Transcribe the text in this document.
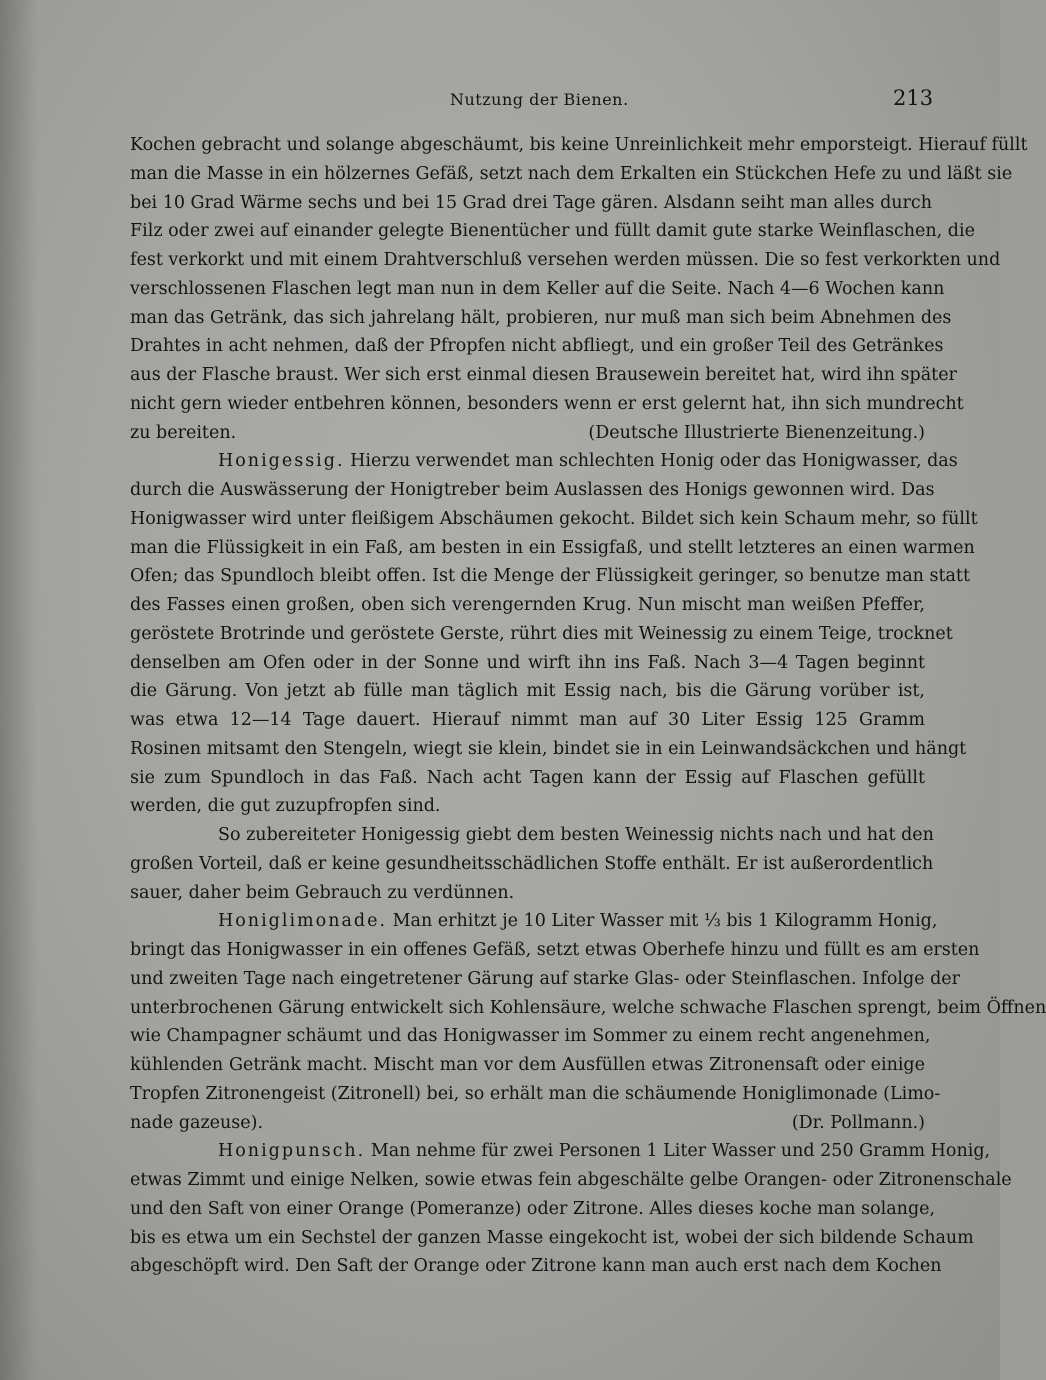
Nutzung der Bienen.	213
Kochen gebracht und solange abgeschäumt, bis keine Unreinlichkeit mehr emporsteigt. Hierauf füllt
man die Masse in ein hölzernes Gefäß, setzt nach dem Erkalten ein Stückchen Hefe zu und läßt sie
bei 10 Grad Wärme sechs und bei 15 Grad drei Tage gären. Alsdann seiht man alles durch
Filz oder zwei auf einander gelegte Bienentücher und füllt damit gute starke Weinflaschen, die
fest verkorkt und mit einem Drahtverschluß versehen werden müssen. Die so fest verkorkten und
verschlossenen Flaschen legt man nun in dem Keller auf die Seite. Nach 4—6 Wochen kann
man das Getränk, das sich jahrelang hält, probieren, nur muß man sich beim Abnehmen des
Drahtes in acht nehmen, daß der Pfropfen nicht abfliegt, und ein großer Teil des Getränkes
aus der Flasche braust. Wer sich erst einmal diesen Brausewein bereitet hat, wird ihn später
nicht gern wieder entbehren können, besonders wenn er erst gelernt hat, ihn sich mundrecht
zu bereiten.	(Deutsche Illustrierte Bienenzeitung.)
Honigessig. Hierzu verwendet man schlechten Honig oder das Honigwasser, das
durch die Auswässerung der Honigtreber beim Auslassen des Honigs gewonnen wird. Das
Honigwasser wird unter fleißigem Abschäumen gekocht. Bildet sich kein Schaum mehr, so füllt
man die Flüssigkeit in ein Faß, am besten in ein Essigfaß, und stellt letzteres an einen warmen
Ofen; das Spundloch bleibt offen. Ist die Menge der Flüssigkeit geringer, so benutze man statt
des Fasses einen großen, oben sich verengernden Krug. Nun mischt man weißen Pfeffer,
geröstete Brotrinde und geröstete Gerste, rührt dies mit Weinessig zu einem Teige, trocknet
denselben am Ofen oder in der Sonne und wirft ihn ins Faß. Nach 3—4 Tagen beginnt
die Gärung. Von jetzt ab fülle man täglich mit Essig nach, bis die Gärung vorüber ist,
was etwa 12—14 Tage dauert. Hierauf nimmt man auf 30 Liter Essig 125 Gramm
Rosinen mitsamt den Stengeln, wiegt sie klein, bindet sie in ein Leinwandsäckchen und hängt
sie zum Spundloch in das Faß. Nach acht Tagen kann der Essig auf Flaschen gefüllt
werden, die gut zuzupfropfen sind.
So zubereiteter Honigessig giebt dem besten Weinessig nichts nach und hat den
großen Vorteil, daß er keine gesundheitsschädlichen Stoffe enthält. Er ist außerordentlich
sauer, daher beim Gebrauch zu verdünnen.
Honiglimonade. Man erhitzt je 10 Liter Wasser mit ⅓ bis 1 Kilogramm Honig,
bringt das Honigwasser in ein offenes Gefäß, setzt etwas Oberhefe hinzu und füllt es am ersten
und zweiten Tage nach eingetretener Gärung auf starke Glas- oder Steinflaschen. Infolge der
unterbrochenen Gärung entwickelt sich Kohlensäure, welche schwache Flaschen sprengt, beim Öffnen
wie Champagner schäumt und das Honigwasser im Sommer zu einem recht angenehmen,
kühlenden Getränk macht. Mischt man vor dem Ausfüllen etwas Zitronensaft oder einige
Tropfen Zitronengeist (Zitronell) bei, so erhält man die schäumende Honiglimonade (Limo-
nade gazeuse).	(Dr. Pollmann.)
Honigpunsch. Man nehme für zwei Personen 1 Liter Wasser und 250 Gramm Honig,
etwas Zimmt und einige Nelken, sowie etwas fein abgeschälte gelbe Orangen- oder Zitronenschale
und den Saft von einer Orange (Pomeranze) oder Zitrone. Alles dieses koche man solange,
bis es etwa um ein Sechstel der ganzen Masse eingekocht ist, wobei der sich bildende Schaum
abgeschöpft wird. Den Saft der Orange oder Zitrone kann man auch erst nach dem Kochen
